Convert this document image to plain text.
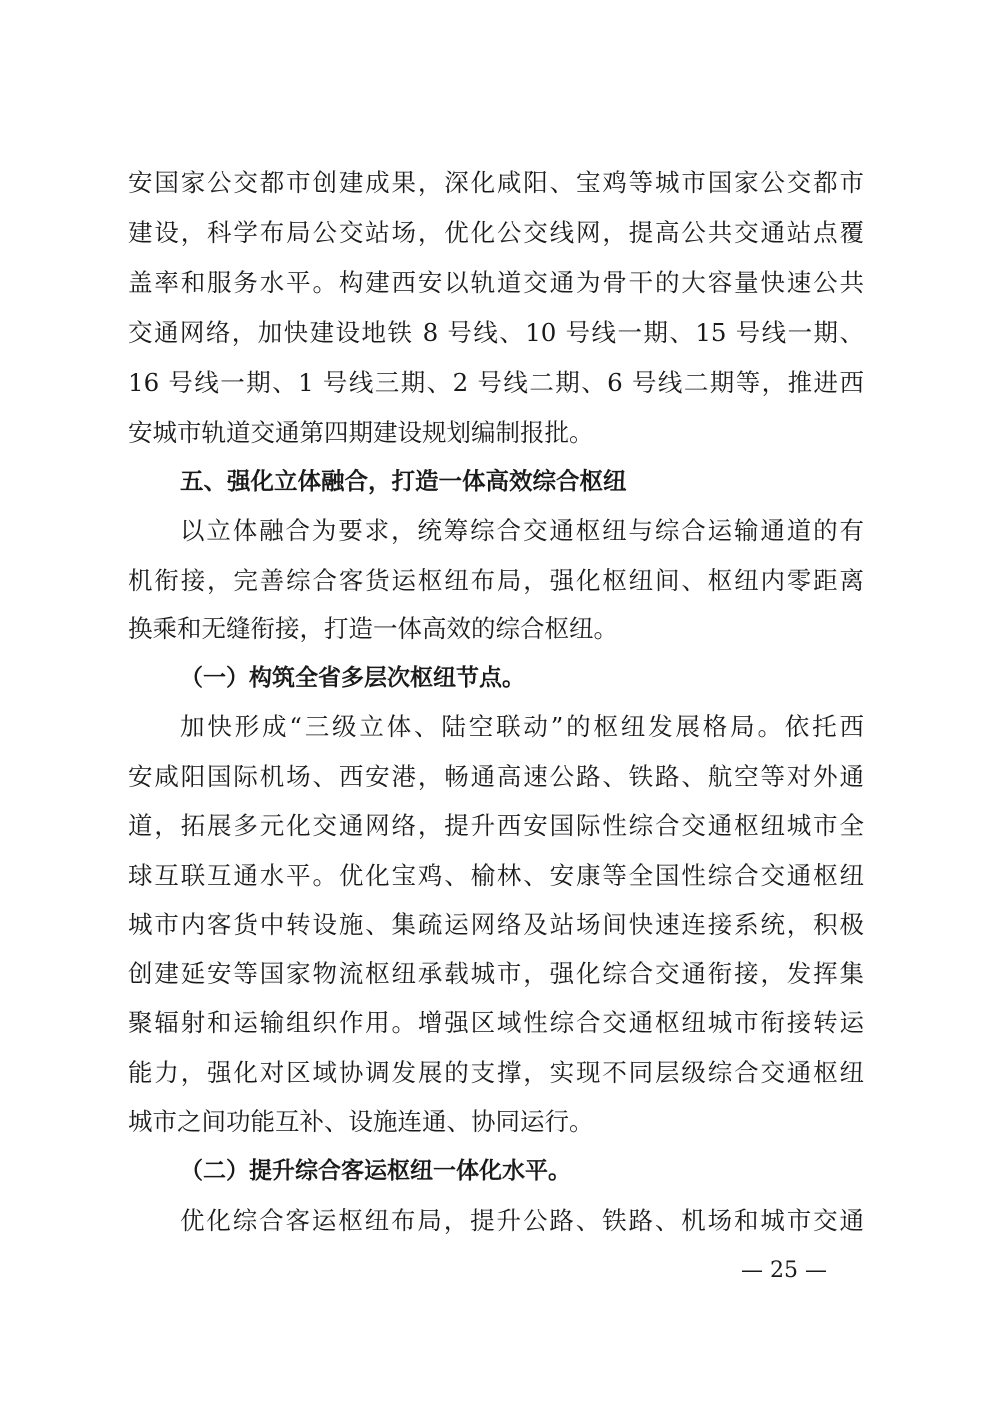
安国家公交都市创建成果，深化咸阳、宝鸡等城市国家公交都市
建设，科学布局公交站场，优化公交线网，提高公共交通站点覆
盖率和服务水平。构建西安以轨道交通为骨干的大容量快速公共
交通网络，加快建设地铁 8 号线、10 号线一期、15 号线一期、
16 号线一期、1 号线三期、2 号线二期、6 号线二期等，推进西
安城市轨道交通第四期建设规划编制报批。
五、强化立体融合，打造一体高效综合枢纽
以立体融合为要求，统筹综合交通枢纽与综合运输通道的有
机衔接，完善综合客货运枢纽布局，强化枢纽间、枢纽内零距离
换乘和无缝衔接，打造一体高效的综合枢纽。
（一）构筑全省多层次枢纽节点。
加快形成“三级立体、陆空联动”的枢纽发展格局。依托西
安咸阳国际机场、西安港，畅通高速公路、铁路、航空等对外通
道，拓展多元化交通网络，提升西安国际性综合交通枢纽城市全
球互联互通水平。优化宝鸡、榆林、安康等全国性综合交通枢纽
城市内客货中转设施、集疏运网络及站场间快速连接系统，积极
创建延安等国家物流枢纽承载城市，强化综合交通衔接，发挥集
聚辐射和运输组织作用。增强区域性综合交通枢纽城市衔接转运
能力，强化对区域协调发展的支撑，实现不同层级综合交通枢纽
城市之间功能互补、设施连通、协同运行。
（二）提升综合客运枢纽一体化水平。
优化综合客运枢纽布局，提升公路、铁路、机场和城市交通
— 25 —
